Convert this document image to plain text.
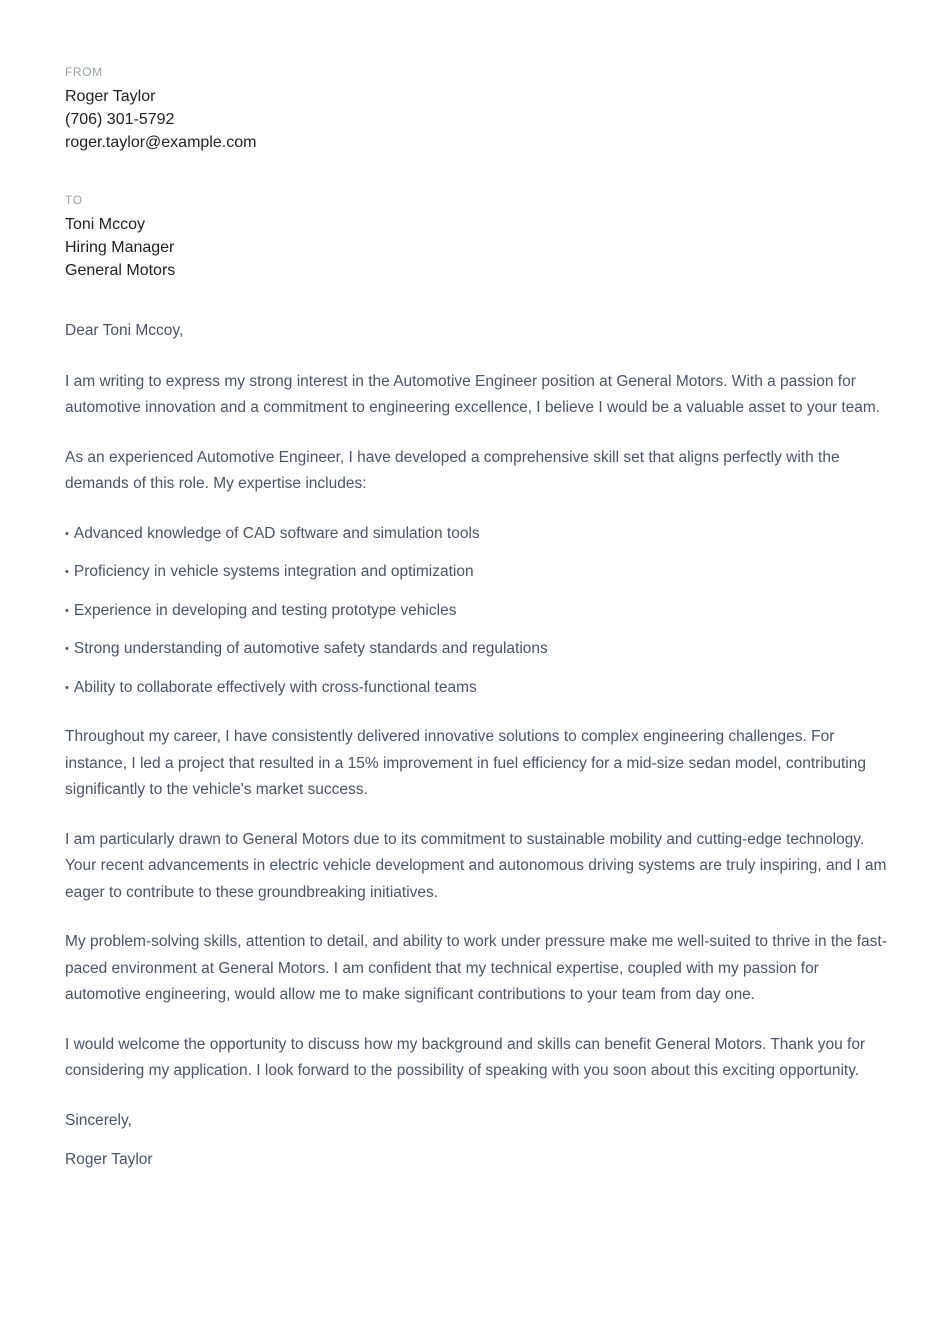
FROM
Roger Taylor
(706) 301-5792
roger.taylor@example.com
TO
Toni Mccoy
Hiring Manager
General Motors
Dear Toni Mccoy,

I am writing to express my strong interest in the Automotive Engineer position at General Motors. With a passion for automotive innovation and a commitment to engineering excellence, I believe I would be a valuable asset to your team.

As an experienced Automotive Engineer, I have developed a comprehensive skill set that aligns perfectly with the demands of this role. My expertise includes:

• Advanced knowledge of CAD software and simulation tools
• Proficiency in vehicle systems integration and optimization
• Experience in developing and testing prototype vehicles
• Strong understanding of automotive safety standards and regulations
• Ability to collaborate effectively with cross-functional teams

Throughout my career, I have consistently delivered innovative solutions to complex engineering challenges. For instance, I led a project that resulted in a 15% improvement in fuel efficiency for a mid-size sedan model, contributing significantly to the vehicle's market success.

I am particularly drawn to General Motors due to its commitment to sustainable mobility and cutting-edge technology. Your recent advancements in electric vehicle development and autonomous driving systems are truly inspiring, and I am eager to contribute to these groundbreaking initiatives.

My problem-solving skills, attention to detail, and ability to work under pressure make me well-suited to thrive in the fast-paced environment at General Motors. I am confident that my technical expertise, coupled with my passion for automotive engineering, would allow me to make significant contributions to your team from day one.

I would welcome the opportunity to discuss how my background and skills can benefit General Motors. Thank you for considering my application. I look forward to the possibility of speaking with you soon about this exciting opportunity.

Sincerely,

Roger Taylor
